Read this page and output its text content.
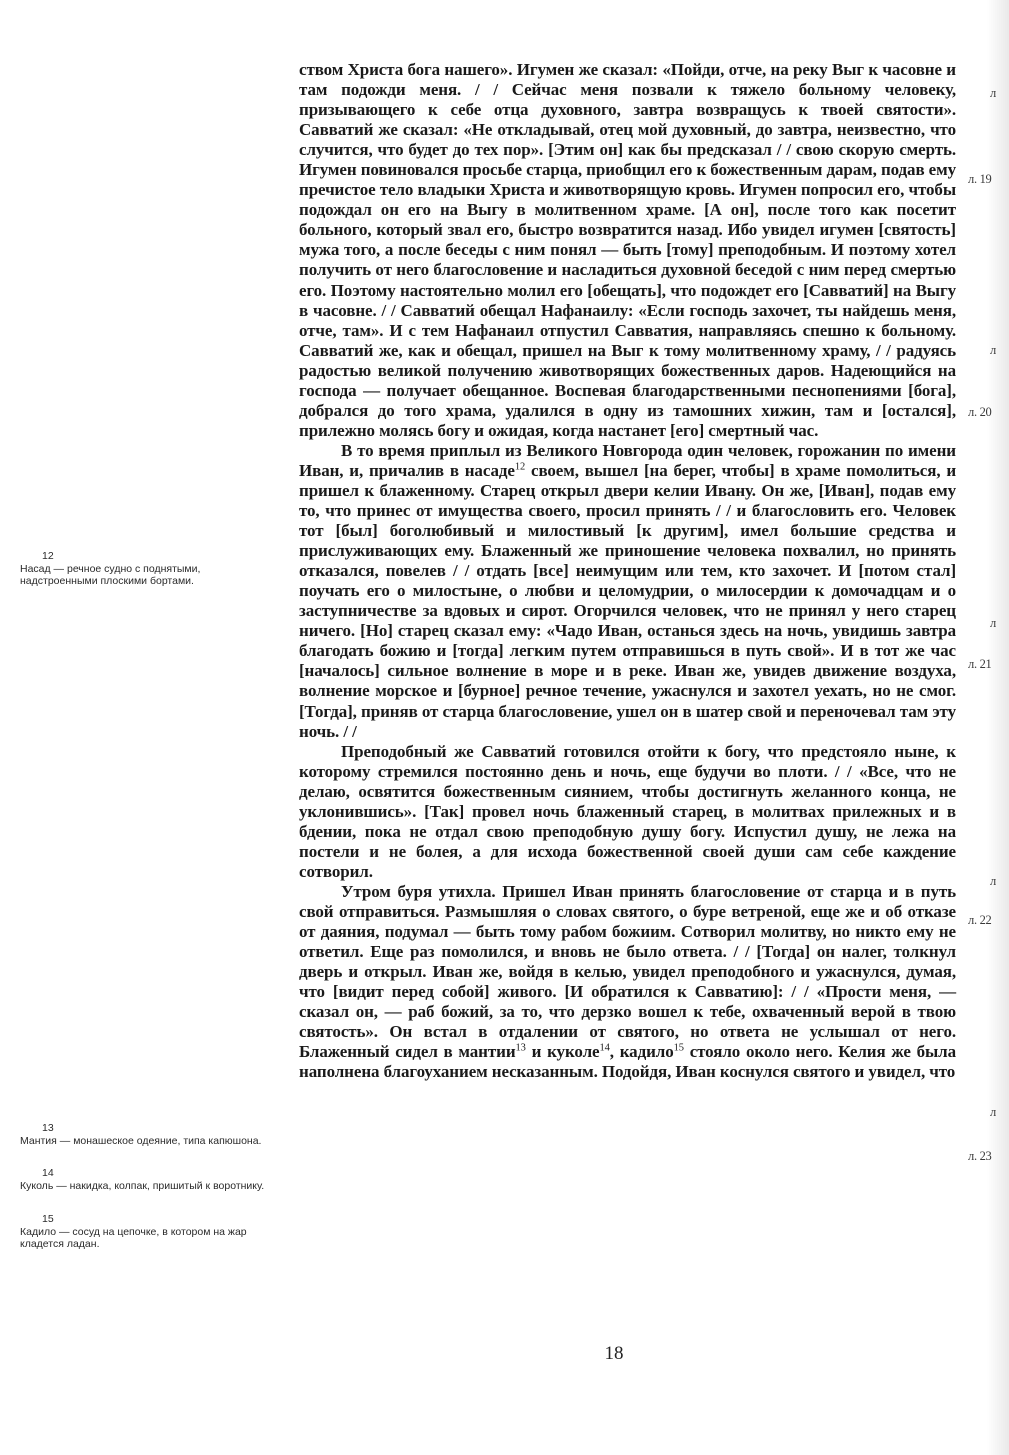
ством Христа бога нашего». Игумен же сказал: «Пойди, отче, на реку Выг к часовне и там подожди меня. / / Сейчас меня позвали к тяжело больному человеку, призывающего к себе отца духовного, завтра возвращусь к твоей святости». Савватий же сказал: «Не откладывай, отец мой духовный, до завтра, неизвестно, что случится, что будет до тех пор». [Этим он] как бы предсказал / / свою скорую смерть. Игумен повиновался просьбе старца, приобщил его к божественным дарам, подав ему пречистое тело владыки Христа и животворящую кровь. Игумен попросил его, чтобы подождал он его на Выгу в молитвенном храме. [А он], после того как посетит больного, который звал его, быстро возвратится назад. Ибо увидел игумен [святость] мужа того, а после беседы с ним понял — быть [тому] преподобным. И поэтому хотел получить от него благословение и насладиться духовной беседой с ним перед смертью его. Поэтому настоятельно молил его [обещать], что подождет его [Савватий] на Выгу в часовне. / / Савватий обещал Нафанаилу: «Если господь захочет, ты найдешь меня, отче, там». И с тем Нафанаил отпустил Савватия, направляясь спешно к больному. Савватий же, как и обещал, пришел на Выг к тому молитвенному храму, / / радуясь радостью великой получению животворящих божественных даров. Надеющийся на господа — получает обещанное. Воспевая благодарственными песнопениями [бога], добрался до того храма, удалился в одну из тамошних хижин, там и [остался], прилежно молясь богу и ожидая, когда настанет [его] смертный час.

В то время приплыл из Великого Новгорода один человек, горожанин по имени Иван, и, причалив в насаде$^{12}$ своем, вышел [на берег, чтобы] в храме помолиться, и пришел к блаженному. Старец открыл двери келии Ивану. Он же, [Иван], подав ему то, что принес от имущества своего, просил принять / / и благословить его. Человек тот [был] боголюбивый и милостивый [к другим], имел большие средства и прислуживающих ему. Блаженный же приношение человека похвалил, но принять отказался, повелев / / отдать [все] неимущим или тем, кто захочет. И [потом стал] поучать его о милостыне, о любви и целомудрии, о милосердии к домочадцам и о заступничестве за вдовых и сирот. Огорчился человек, что не принял у него старец ничего. [Но] старец сказал ему: «Чадо Иван, останься здесь на ночь, увидишь завтра благодать божию и [тогда] легким путем отправишься в путь свой». И в тот же час [началось] сильное волнение в море и в реке. Иван же, увидев движение воздуха, волнение морское и [бурное] речное течение, ужаснулся и захотел уехать, но не смог. [Тогда], приняв от старца благословение, ушел он в шатер свой и переночевал там эту ночь. / /

Преподобный же Савватий готовился отойти к богу, что предстояло ныне, к которому стремился постоянно день и ночь, еще будучи во плоти. / / «Все, что не делаю, освятится божественным сиянием, чтобы достигнуть желанного конца, не уклонившись». [Так] провел ночь блаженный старец, в молитвах прилежных и в бдении, пока не отдал свою преподобную душу богу. Испустил душу, не лежа на постели и не болея, а для исхода божественной своей души сам себе каждение сотворил.

Утром буря утихла. Пришел Иван принять благословение от старца и в путь свой отправиться. Размышляя о словах святого, о буре ветреной, еще же и об отказе от даяния, подумал — быть тому рабом божиим. Сотворил молитву, но никто ему не ответил. Еще раз помолился, и вновь не было ответа. / / [Тогда] он налег, толкнул дверь и открыл. Иван же, войдя в келью, увидел преподобного и ужаснулся, думая, что [видит перед собой] живого. [И обратился к Савватию]: / / «Прости меня, — сказал он, — раб божий, за то, что дерзко вошел к тебе, охваченный верой в твою святость». Он встал в отдалении от святого, но ответа не услышал от него. Блаженный сидел в мантии$^{13}$ и куколе$^{14}$, кадило$^{15}$ стояло около него. Келия же была наполнена благоуханием несказанным. Подойдя, Иван коснулся святого и увидел, что

л
л. 19
л
л. 20
л
л. 21
л
л. 22
л
л. 23
12
Насад — речное судно с поднятыми, надстроенными плоскими бортами.
13
Мантия — монашеское одеяние, типа капюшона.
14
Куколь — накидка, колпак, пришитый к воротнику.
15
Кадило — сосуд на цепочке, в котором на жар кладется ладан.
18
